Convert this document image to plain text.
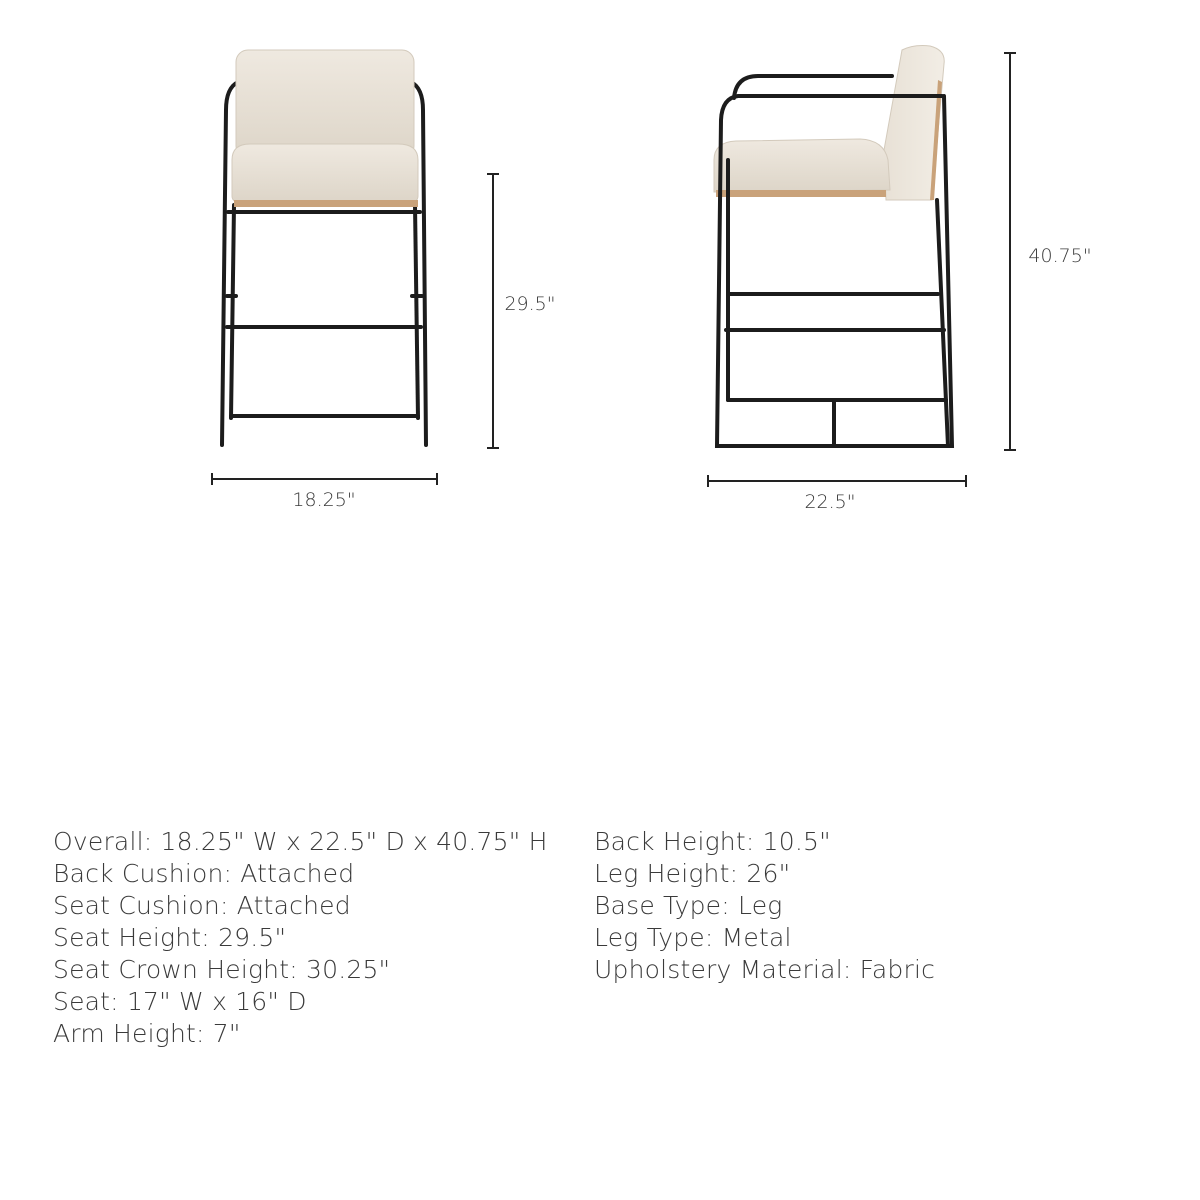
18.25"
29.5"
22.5"
40.75"
Overall: 18.25" W x 22.5" D x 40.75" H
Back Cushion: Attached
Seat Cushion: Attached
Seat Height: 29.5"
Seat Crown Height: 30.25"
Seat: 17" W x 16" D
Arm Height: 7"
Back Height: 10.5"
Leg Height: 26"
Base Type: Leg
Leg Type: Metal
Upholstery Material: Fabric
